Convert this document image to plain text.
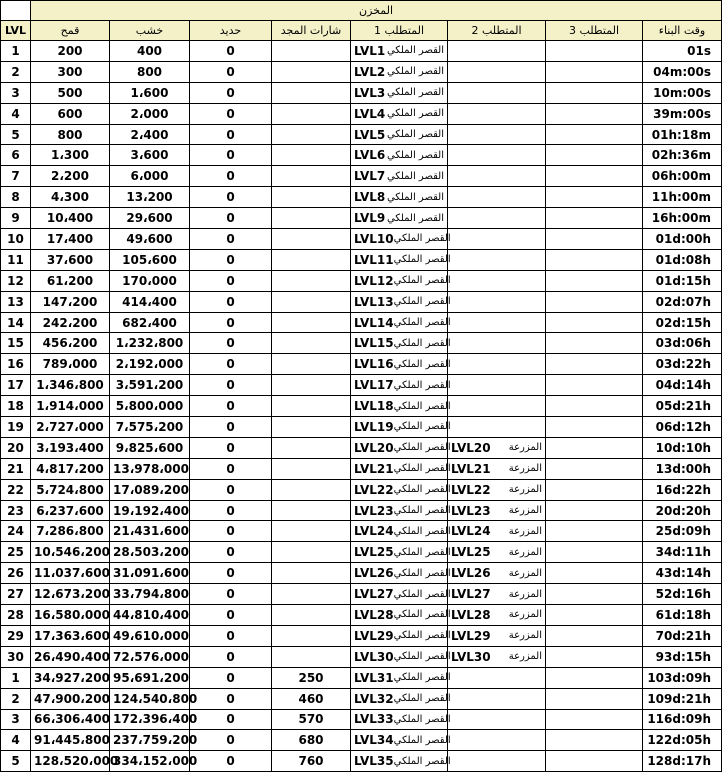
	المخزن							
LVL	قمح	خشب	حديد	شارات المجد	المتطلب 1	المتطلب 2	المتطلب 3	وقت البناء
1	200	400	0		LVL1 القصر الملكي			01s
2	300	800	0		LVL2 القصر الملكي			04m:00s
3	500	1،600	0		LVL3 القصر الملكي			10m:00s
4	600	2،000	0		LVL4 القصر الملكي			39m:00s
5	800	2،400	0		LVL5 القصر الملكي			01h:18m
6	1،300	3،600	0		LVL6 القصر الملكي			02h:36m
7	2،200	6،000	0		LVL7 القصر الملكي			06h:00m
8	4،300	13،200	0		LVL8 القصر الملكي			11h:00m
9	10،400	29،600	0		LVL9 القصر الملكي			16h:00m
10	17،400	49،600	0		LVL10 القصر الملكي			01d:00h
11	37،600	105،600	0		LVL11 القصر الملكي			01d:08h
12	61،200	170،000	0		LVL12 القصر الملكي			01d:15h
13	147،200	414،400	0		LVL13 القصر الملكي			02d:07h
14	242،200	682،400	0		LVL14 القصر الملكي			02d:15h
15	456،200	1،232،800	0		LVL15 القصر الملكي			03d:06h
16	789،000	2،192،000	0		LVL16 القصر الملكي			03d:22h
17	1،346،800	3،591،200	0		LVL17 القصر الملكي			04d:14h
18	1،914،000	5،800،000	0		LVL18 القصر الملكي			05d:21h
19	2،727،000	7،575،200	0		LVL19 القصر الملكي			06d:12h
20	3،193،400	9،825،600	0		LVL20 القصر الملكي	LVL20 المزرعة		10d:10h
21	4،817،200	13،978،000	0		LVL21 القصر الملكي	LVL21 المزرعة		13d:00h
22	5،724،800	17،089،200	0		LVL22 القصر الملكي	LVL22 المزرعة		16d:22h
23	6،237،600	19،192،400	0		LVL23 القصر الملكي	LVL23 المزرعة		20d:20h
24	7،286،800	21،431،600	0		LVL24 القصر الملكي	LVL24 المزرعة		25d:09h
25	10،546،200	28،503،200	0		LVL25 القصر الملكي	LVL25 المزرعة		34d:11h
26	11،037،600	31،091،600	0		LVL26 القصر الملكي	LVL26 المزرعة		43d:14h
27	12،673،200	33،794،800	0		LVL27 القصر الملكي	LVL27 المزرعة		52d:16h
28	16،580،000	44،810،400	0		LVL28 القصر الملكي	LVL28 المزرعة		61d:18h
29	17،363،600	49،610،000	0		LVL29 القصر الملكي	LVL29 المزرعة		70d:21h
30	26،490،400	72،576،000	0		LVL30 القصر الملكي	LVL30 المزرعة		93d:15h
1	34،927،200	95،691،200	0	250	LVL31 القصر الملكي			103d:09h
2	47،900،200	124،540،800	0	460	LVL32 القصر الملكي			109d:21h
3	66،306،400	172،396،400	0	570	LVL33 القصر الملكي			116d:09h
4	91،445،800	237،759،200	0	680	LVL34 القصر الملكي			122d:05h
5	128،520،000	334،152،000	0	760	LVL35 القصر الملكي			128d:17h
